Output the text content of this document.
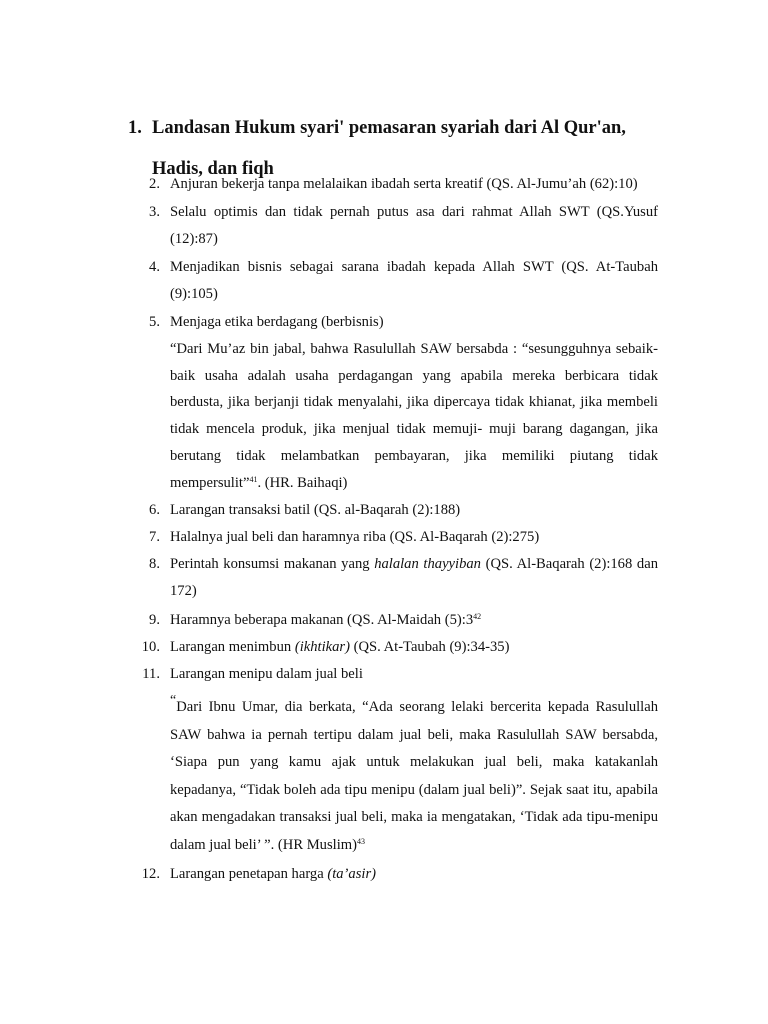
1. Landasan Hukum syari' pemasaran syariah dari Al Qur'an,
Hadis, dan fiqh
2. Anjuran bekerja tanpa melalaikan ibadah serta kreatif (QS. Al-Jumu’ah (62):10)
3. Selalu optimis dan tidak pernah putus asa dari rahmat Allah SWT (QS.Yusuf (12):87)
4. Menjadikan bisnis sebagai sarana ibadah kepada Allah SWT (QS. At-Taubah (9):105)
5. Menjaga etika berdagang (berbisnis)
“Dari Mu’az bin jabal, bahwa Rasulullah SAW bersabda : “sesungguhnya sebaik-baik usaha adalah usaha perdagangan yang apabila mereka berbicara tidak berdusta, jika berjanji tidak menyalahi, jika dipercaya tidak khianat, jika membeli tidak mencela produk, jika menjual tidak memuji- muji barang dagangan, jika berutang tidak melambatkan pembayaran, jika memiliki piutang tidak mempersulit”$^{41}$. (HR. Baihaqi)
6. Larangan transaksi batil (QS. al-Baqarah (2):188)
7. Halalnya jual beli dan haramnya riba (QS. Al-Baqarah (2):275)
8. Perintah konsumsi makanan yang halalan thayyiban (QS. Al-Baqarah (2):168 dan 172)
9. Haramnya beberapa makanan (QS. Al-Maidah $(5):3^{42}$
10. Larangan menimbun (ikhtikar) (QS. At-Taubah (9):34-35)
11. Larangan menipu dalam jual beli
“Dari Ibnu Umar, dia berkata, “Ada seorang lelaki bercerita kepada Rasulullah SAW bahwa ia pernah tertipu dalam jual beli, maka Rasulullah SAW bersabda, ‘Siapa pun yang kamu ajak untuk melakukan jual beli, maka katakanlah kepadanya, “Tidak boleh ada tipu menipu (dalam jual beli)”. Sejak saat itu, apabila akan mengadakan transaksi jual beli, maka ia mengatakan, ‘Tidak ada tipu-menipu dalam jual beli’ ”. (HR Muslim)$^{43}$
12. Larangan penetapan harga (ta’asir)
